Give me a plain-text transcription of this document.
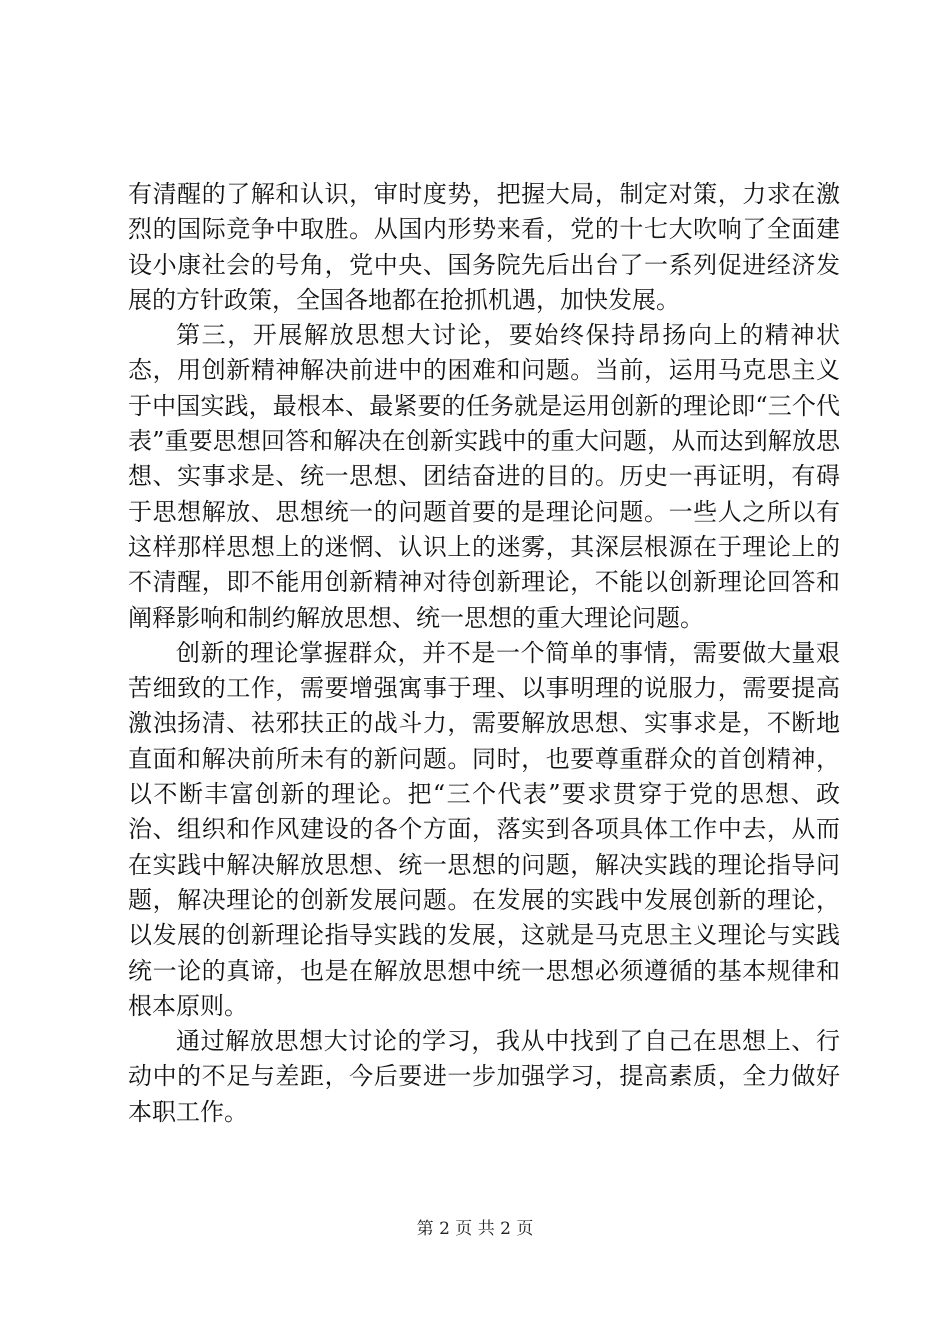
有清醒的了解和认识，审时度势，把握大局，制定对策，力求在激烈的国际竞争中取胜。从国内形势来看，党的十七大吹响了全面建设小康社会的号角，党中央、国务院先后出台了一系列促进经济发展的方针政策，全国各地都在抢抓机遇，加快发展。

第三，开展解放思想大讨论，要始终保持昂扬向上的精神状态，用创新精神解决前进中的困难和问题。当前，运用马克思主义于中国实践，最根本、最紧要的任务就是运用创新的理论即“三个代表”重要思想回答和解决在创新实践中的重大问题，从而达到解放思想、实事求是、统一思想、团结奋进的目的。历史一再证明，有碍于思想解放、思想统一的问题首要的是理论问题。一些人之所以有这样那样思想上的迷惘、认识上的迷雾，其深层根源在于理论上的不清醒，即不能用创新精神对待创新理论，不能以创新理论回答和阐释影响和制约解放思想、统一思想的重大理论问题。

创新的理论掌握群众，并不是一个简单的事情，需要做大量艰苦细致的工作，需要增强寓事于理、以事明理的说服力，需要提高激浊扬清、祛邪扶正的战斗力，需要解放思想、实事求是，不断地直面和解决前所未有的新问题。同时，也要尊重群众的首创精神，以不断丰富创新的理论。把“三个代表”要求贯穿于党的思想、政治、组织和作风建设的各个方面，落实到各项具体工作中去，从而在实践中解决解放思想、统一思想的问题，解决实践的理论指导问题，解决理论的创新发展问题。在发展的实践中发展创新的理论，以发展的创新理论指导实践的发展，这就是马克思主义理论与实践统一论的真谛，也是在解放思想中统一思想必须遵循的基本规律和根本原则。

通过解放思想大讨论的学习，我从中找到了自己在思想上、行动中的不足与差距，今后要进一步加强学习，提高素质，全力做好本职工作。

第 2 页 共 2 页
